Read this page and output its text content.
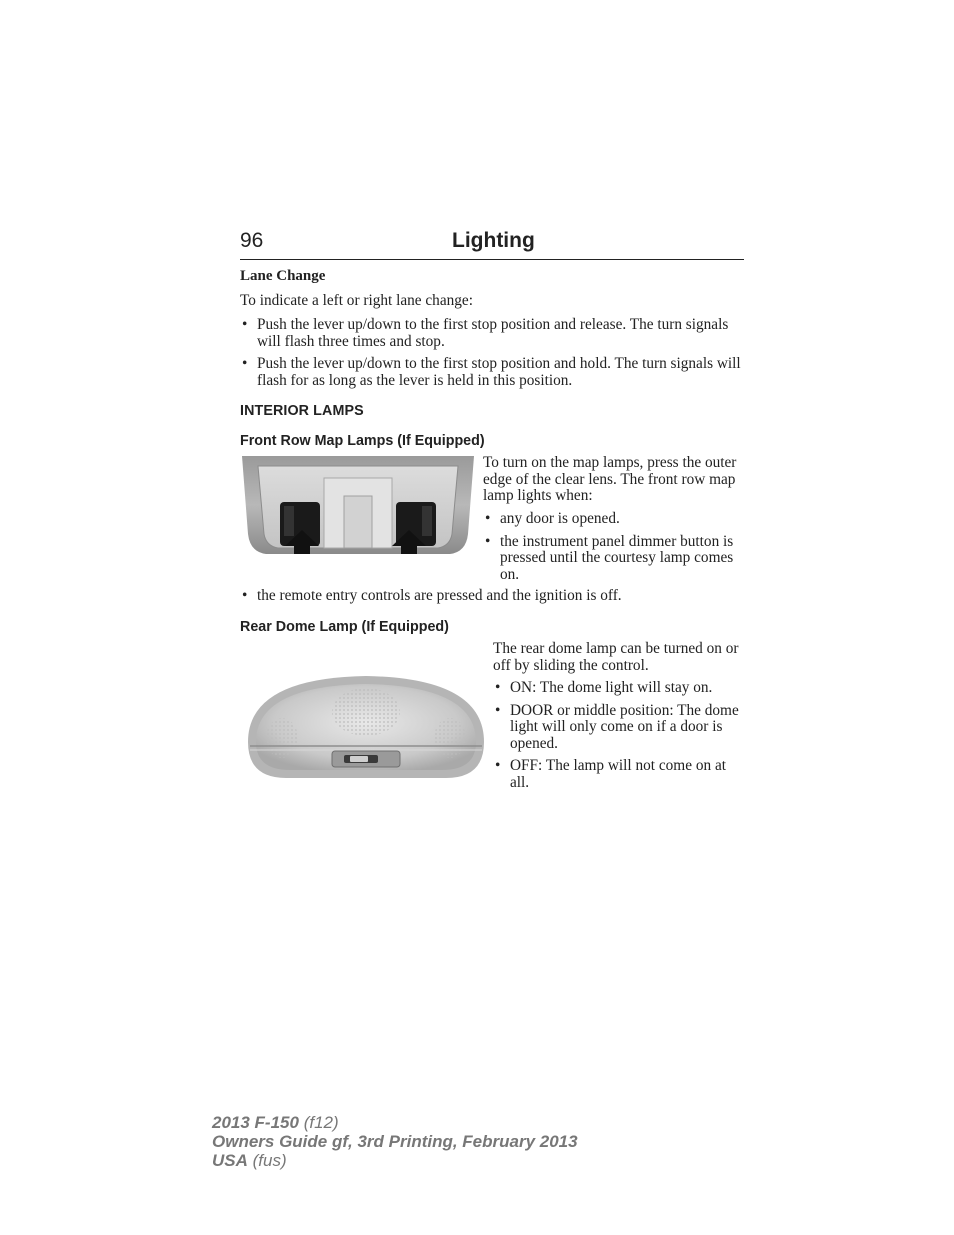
96	Lighting
Lane Change
To indicate a left or right lane change:
• Push the lever up/down to the first stop position and release. The turn signals will flash three times and stop.
• Push the lever up/down to the first stop position and hold. The turn signals will flash for as long as the lever is held in this position.
INTERIOR LAMPS
Front Row Map Lamps (If Equipped)
To turn on the map lamps, press the outer edge of the clear lens. The front row map lamp lights when:
• any door is opened.
• the instrument panel dimmer button is pressed until the courtesy lamp comes on.
• the remote entry controls are pressed and the ignition is off.
Rear Dome Lamp (If Equipped)
The rear dome lamp can be turned on or off by sliding the control.
• ON: The dome light will stay on.
• DOOR or middle position: The dome light will only come on if a door is opened.
• OFF: The lamp will not come on at all.
2013 F-150 (f12)
Owners Guide gf, 3rd Printing, February 2013
USA (fus)
